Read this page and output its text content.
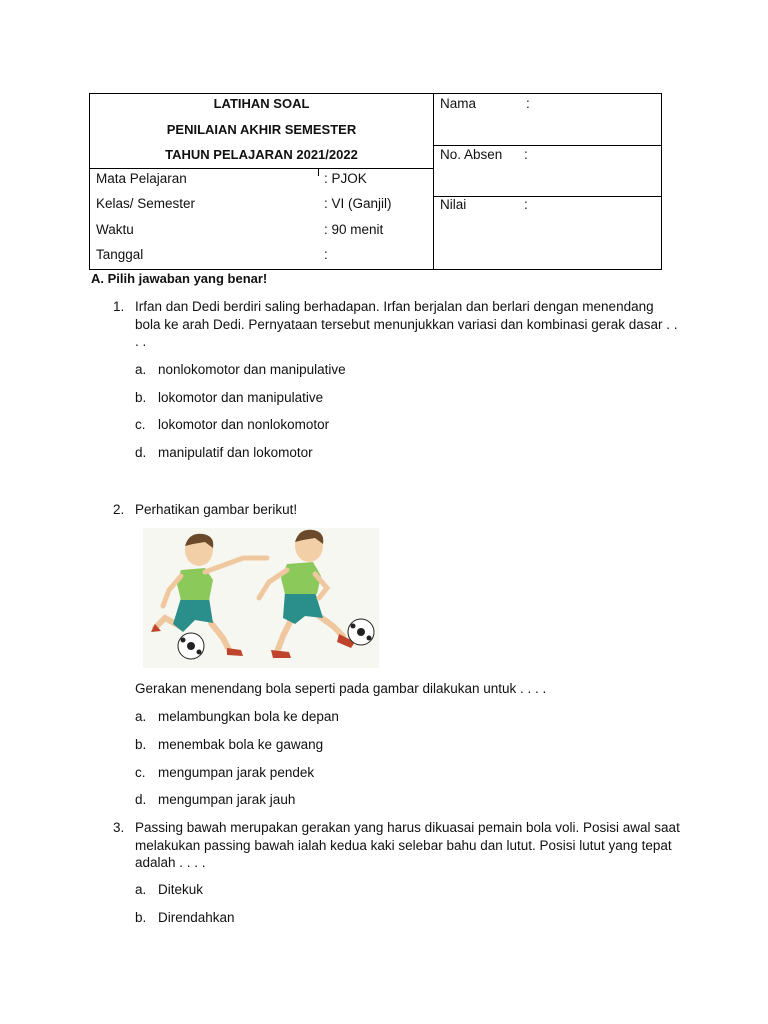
LATIHAN SOAL
PENILAIAN AKHIR SEMESTER
TAHUN PELAJARAN 2021/2022
Mata Pelajaran	: PJOK
Kelas/ Semester	: VI (Ganjil)
Waktu	: 90 menit
Tanggal	:
Nama	:
No. Absen :
Nilai	:
A. Pilih jawaban yang benar!
1. Irfan dan Dedi berdiri saling berhadapan. Irfan berjalan dan berlari dengan menendang bola ke arah Dedi. Pernyataan tersebut menunjukkan variasi dan kombinasi gerak dasar . . . .
a. nonlokomotor dan manipulative
b. lokomotor dan manipulative
c. lokomotor dan nonlokomotor
d. manipulatif dan lokomotor
2. Perhatikan gambar berikut!
Gerakan menendang bola seperti pada gambar dilakukan untuk . . . .
a. melambungkan bola ke depan
b. menembak bola ke gawang
c. mengumpan jarak pendek
d. mengumpan jarak jauh
3. Passing bawah merupakan gerakan yang harus dikuasai pemain bola voli. Posisi awal saat melakukan passing bawah ialah kedua kaki selebar bahu dan lutut. Posisi lutut yang tepat adalah . . . .
a. Ditekuk
b. Direndahkan
